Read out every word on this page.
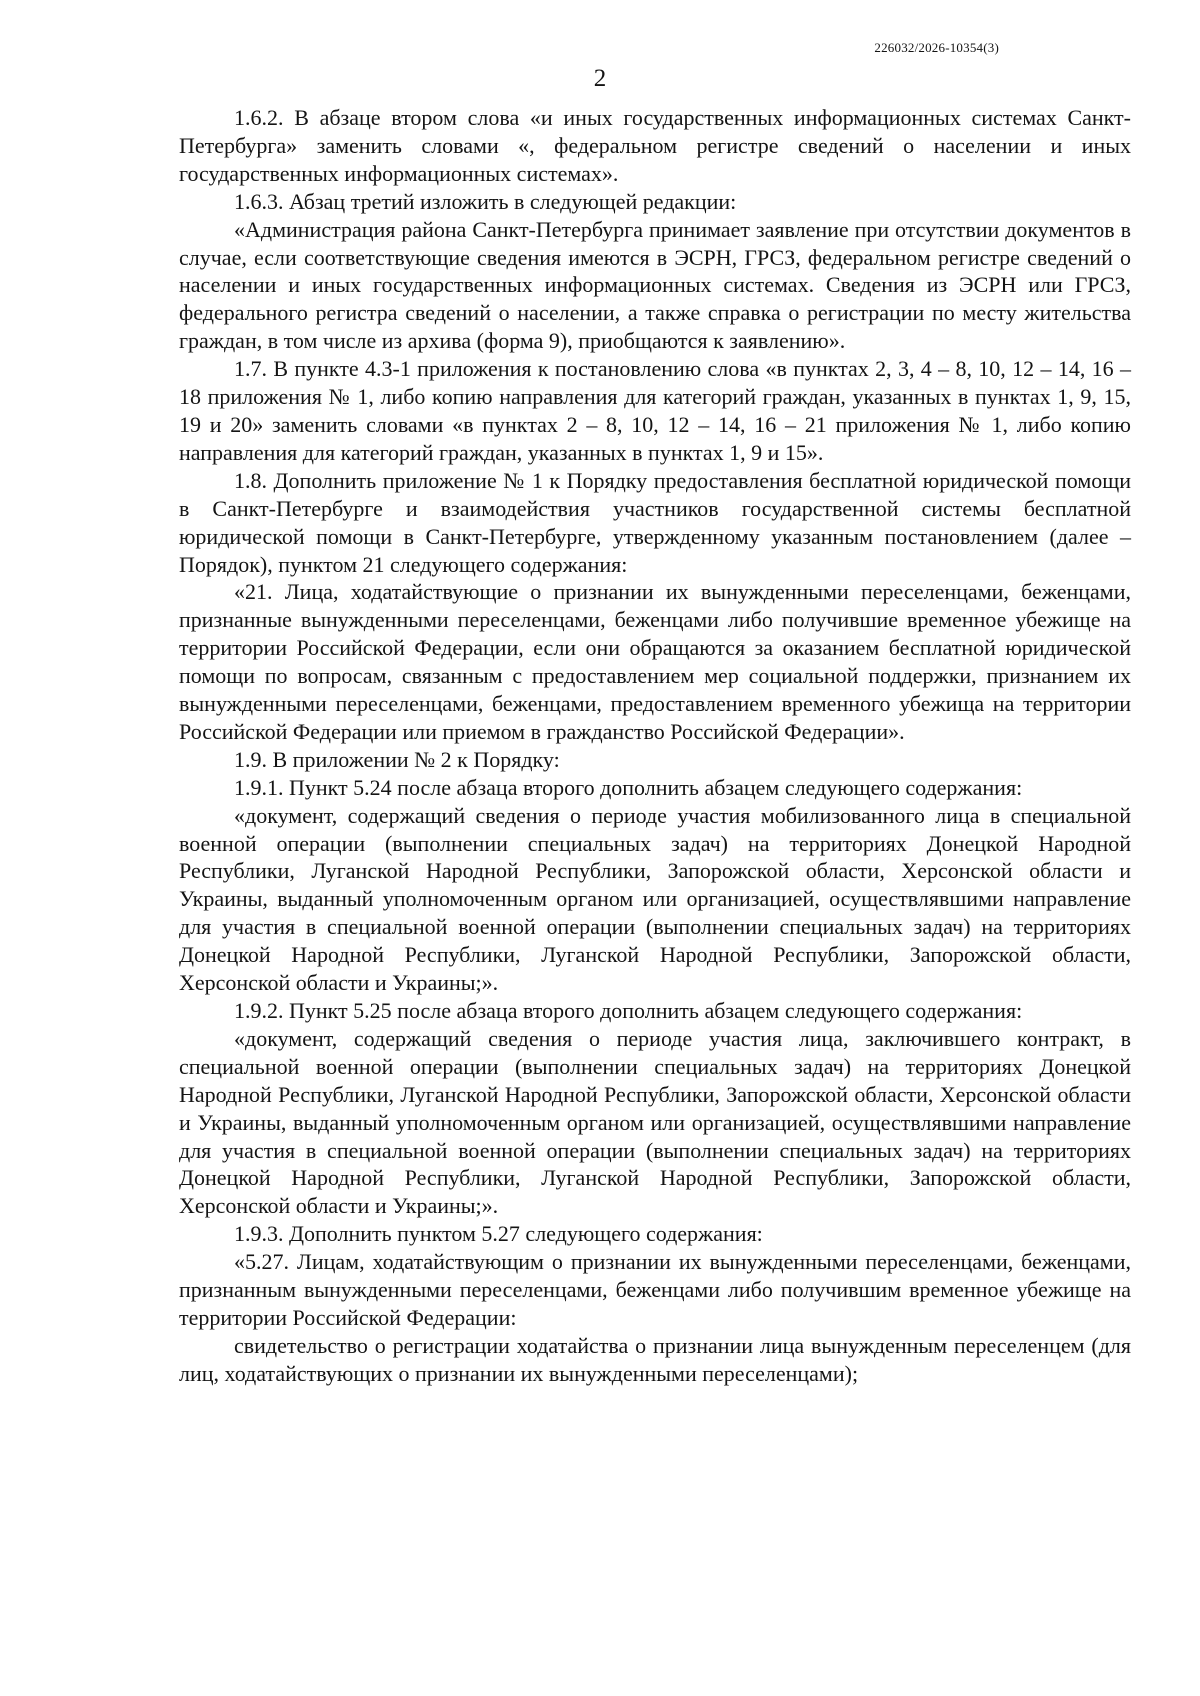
226032/2026-10354(3)
2

1.6.2. В абзаце втором слова «и иных государственных информационных системах Санкт-Петербурга» заменить словами «, федеральном регистре сведений о населении и иных государственных информационных системах».

1.6.3. Абзац третий изложить в следующей редакции:

«Администрация района Санкт-Петербурга принимает заявление при отсутствии документов в случае, если соответствующие сведения имеются в ЭСРН, ГРСЗ, федеральном регистре сведений о населении и иных государственных информационных системах. Сведения из ЭСРН или ГРСЗ, федерального регистра сведений о населении, а также справка о регистрации по месту жительства граждан, в том числе из архива (форма 9), приобщаются к заявлению».

1.7. В пункте 4.3-1 приложения к постановлению слова «в пунктах 2, 3, 4 – 8, 10, 12 – 14, 16 – 18 приложения № 1, либо копию направления для категорий граждан, указанных в пунктах 1, 9, 15, 19 и 20» заменить словами «в пунктах 2 – 8, 10, 12 – 14, 16 – 21 приложения № 1, либо копию направления для категорий граждан, указанных в пунктах 1, 9 и 15».

1.8. Дополнить приложение № 1 к Порядку предоставления бесплатной юридической помощи в Санкт-Петербурге и взаимодействия участников государственной системы бесплатной юридической помощи в Санкт-Петербурге, утвержденному указанным постановлением (далее – Порядок), пунктом 21 следующего содержания:

«21. Лица, ходатайствующие о признании их вынужденными переселенцами, беженцами, признанные вынужденными переселенцами, беженцами либо получившие временное убежище на территории Российской Федерации, если они обращаются за оказанием бесплатной юридической помощи по вопросам, связанным с предоставлением мер социальной поддержки, признанием их вынужденными переселенцами, беженцами, предоставлением временного убежища на территории Российской Федерации или приемом в гражданство Российской Федерации».

1.9. В приложении № 2 к Порядку:

1.9.1. Пункт 5.24 после абзаца второго дополнить абзацем следующего содержания:

«документ, содержащий сведения о периоде участия мобилизованного лица в специальной военной операции (выполнении специальных задач) на территориях Донецкой Народной Республики, Луганской Народной Республики, Запорожской области, Херсонской области и Украины, выданный уполномоченным органом или организацией, осуществлявшими направление для участия в специальной военной операции (выполнении специальных задач) на территориях Донецкой Народной Республики, Луганской Народной Республики, Запорожской области, Херсонской области и Украины;».

1.9.2. Пункт 5.25 после абзаца второго дополнить абзацем следующего содержания:

«документ, содержащий сведения о периоде участия лица, заключившего контракт, в специальной военной операции (выполнении специальных задач) на территориях Донецкой Народной Республики, Луганской Народной Республики, Запорожской области, Херсонской области и Украины, выданный уполномоченным органом или организацией, осуществлявшими направление для участия в специальной военной операции (выполнении специальных задач) на территориях Донецкой Народной Республики, Луганской Народной Республики, Запорожской области, Херсонской области и Украины;».

1.9.3. Дополнить пунктом 5.27 следующего содержания:

«5.27. Лицам, ходатайствующим о признании их вынужденными переселенцами, беженцами, признанным вынужденными переселенцами, беженцами либо получившим временное убежище на территории Российской Федерации:

свидетельство о регистрации ходатайства о признании лица вынужденным переселенцем (для лиц, ходатайствующих о признании их вынужденными переселенцами);
